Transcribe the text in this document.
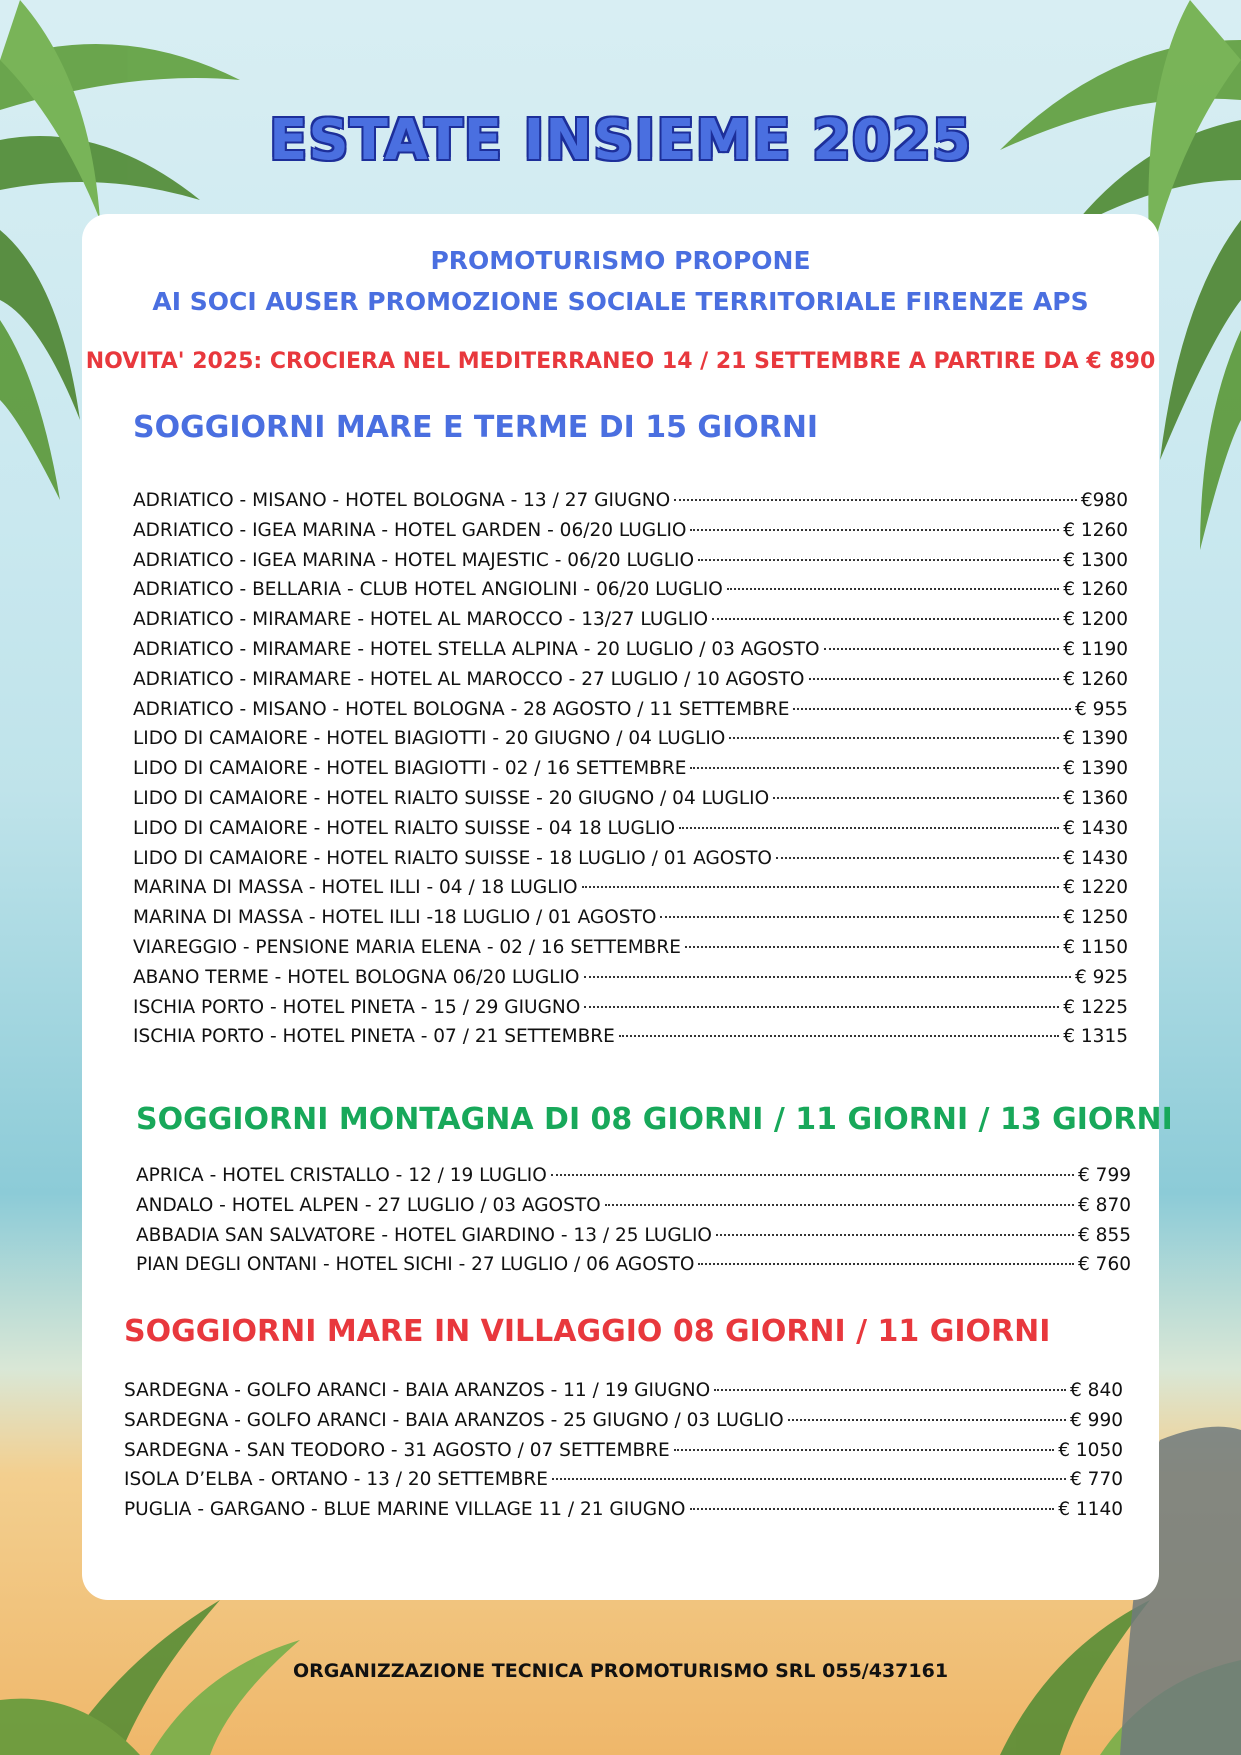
ESTATE INSIEME 2025
PROMOTURISMO PROPONE
AI SOCI AUSER PROMOZIONE SOCIALE TERRITORIALE FIRENZE APS
NOVITA' 2025: CROCIERA NEL MEDITERRANEO 14 / 21 SETTEMBRE A PARTIRE DA € 890
SOGGIORNI MARE E TERME DI 15 GIORNI
ADRIATICO - MISANO - HOTEL BOLOGNA - 13 / 27 GIUGNO	€980
ADRIATICO - IGEA MARINA - HOTEL GARDEN - 06/20 LUGLIO	€ 1260
ADRIATICO - IGEA MARINA - HOTEL MAJESTIC - 06/20 LUGLIO	€ 1300
ADRIATICO - BELLARIA - CLUB HOTEL ANGIOLINI - 06/20 LUGLIO	€ 1260
ADRIATICO - MIRAMARE - HOTEL AL MAROCCO - 13/27 LUGLIO	€ 1200
ADRIATICO - MIRAMARE - HOTEL STELLA ALPINA - 20 LUGLIO / 03 AGOSTO	€ 1190
ADRIATICO - MIRAMARE - HOTEL AL MAROCCO - 27 LUGLIO / 10 AGOSTO	€ 1260
ADRIATICO - MISANO - HOTEL BOLOGNA - 28 AGOSTO / 11 SETTEMBRE	€ 955
LIDO DI CAMAIORE - HOTEL BIAGIOTTI - 20 GIUGNO / 04 LUGLIO	€ 1390
LIDO DI CAMAIORE - HOTEL BIAGIOTTI - 02 / 16 SETTEMBRE	€ 1390
LIDO DI CAMAIORE - HOTEL RIALTO SUISSE - 20 GIUGNO / 04 LUGLIO	€ 1360
LIDO DI CAMAIORE - HOTEL RIALTO SUISSE - 04 18 LUGLIO	€ 1430
LIDO DI CAMAIORE - HOTEL RIALTO SUISSE - 18 LUGLIO / 01 AGOSTO	€ 1430
MARINA DI MASSA - HOTEL ILLI - 04 / 18 LUGLIO	€ 1220
MARINA DI MASSA - HOTEL ILLI -18 LUGLIO / 01 AGOSTO	€ 1250
VIAREGGIO - PENSIONE MARIA ELENA - 02 / 16 SETTEMBRE	€ 1150
ABANO TERME - HOTEL BOLOGNA 06/20 LUGLIO	€ 925
ISCHIA PORTO - HOTEL PINETA - 15 / 29 GIUGNO	€ 1225
ISCHIA PORTO - HOTEL PINETA - 07 / 21 SETTEMBRE	€ 1315
SOGGIORNI MONTAGNA DI 08 GIORNI / 11 GIORNI / 13 GIORNI
APRICA - HOTEL CRISTALLO - 12 / 19 LUGLIO	€ 799
ANDALO - HOTEL ALPEN - 27 LUGLIO / 03 AGOSTO	€ 870
ABBADIA SAN SALVATORE - HOTEL GIARDINO - 13 / 25 LUGLIO	€ 855
PIAN DEGLI ONTANI - HOTEL SICHI - 27 LUGLIO / 06 AGOSTO	€ 760
SOGGIORNI MARE IN VILLAGGIO 08 GIORNI / 11 GIORNI
SARDEGNA - GOLFO ARANCI - BAIA ARANZOS - 11 / 19 GIUGNO	€ 840
SARDEGNA - GOLFO ARANCI - BAIA ARANZOS - 25 GIUGNO / 03 LUGLIO	€ 990
SARDEGNA - SAN TEODORO - 31 AGOSTO / 07 SETTEMBRE	€ 1050
ISOLA D’ELBA - ORTANO - 13 / 20 SETTEMBRE	€ 770
PUGLIA - GARGANO - BLUE MARINE VILLAGE 11 / 21 GIUGNO	€ 1140
ORGANIZZAZIONE TECNICA PROMOTURISMO SRL 055/437161
